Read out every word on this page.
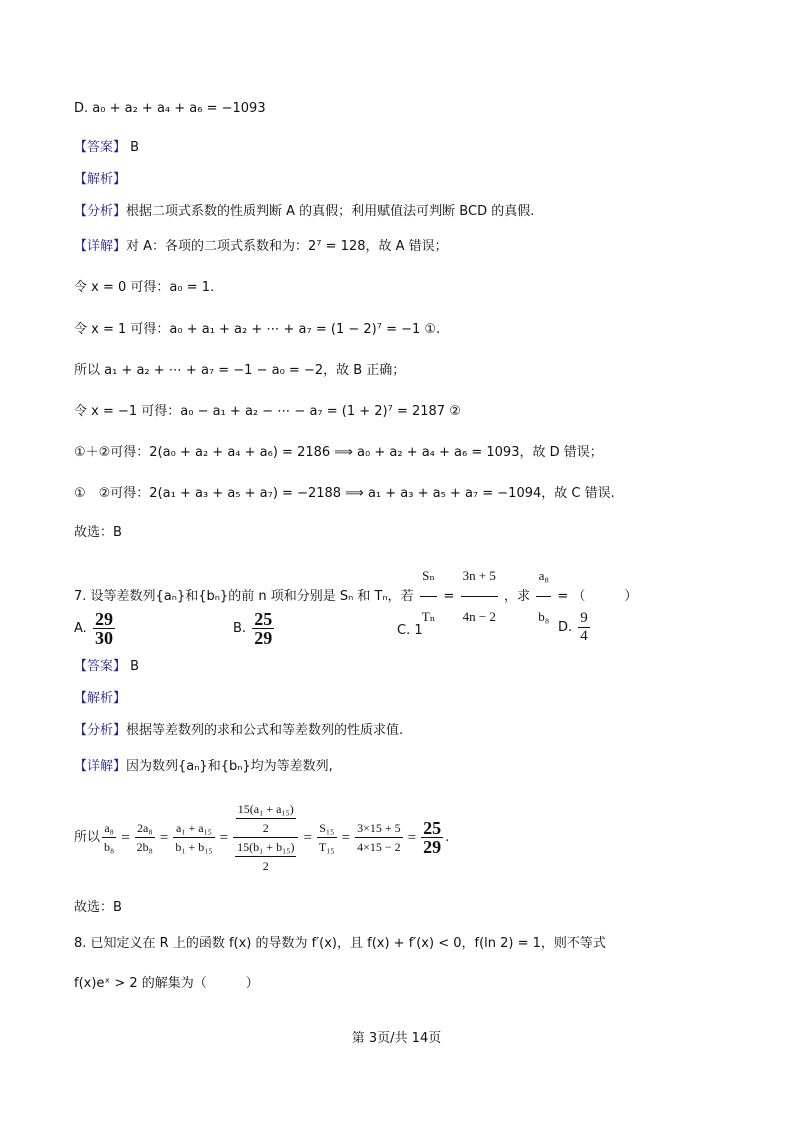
D. a₀ + a₂ + a₄ + a₆ = −1093
【答案】 B
【解析】
【分析】根据二项式系数的性质判断 A 的真假；利用赋值法可判断 BCD 的真假.
【详解】对 A：各项的二项式系数和为：2⁷ = 128，故 A 错误；
令 x = 0 可得：a₀ = 1.
令 x = 1 可得：a₀ + a₁ + a₂ + ⋯ + a₇ = (1 − 2)⁷ = −1 ①.
所以 a₁ + a₂ + ⋯ + a₇ = −1 − a₀ = −2，故 B 正确；
令 x = −1 可得：a₀ − a₁ + a₂ − ⋯ − a₇ = (1 + 2)⁷ = 2187 ②
①＋②可得：2(a₀ + a₂ + a₄ + a₆) = 2186 ⟹ a₀ + a₂ + a₄ + a₆ = 1093，故 D 错误；
①　②可得：2(a₁ + a₃ + a₅ + a₇) = −2188 ⟹ a₁ + a₃ + a₅ + a₇ = −1094，故 C 错误.
故选：B
7. 设等差数列{aₙ}和{bₙ}的前 n 项和分别是 Sₙ 和 Tₙ，若 $\frac{\text{Sₙ}}{\text{Tₙ}} = \frac{3n + 5}{4n - 2}$ ，求 $\frac{\text{a₈}}{\text{b₈}}$ = （　　　）
A. $\frac{29}{30}$	B. $\frac{25}{29}$	C. 1	D. $\frac{9}{4}$
【答案】 B
【解析】
【分析】根据等差数列的求和公式和等差数列的性质求值.
【详解】因为数列{aₙ}和{bₙ}均为等差数列,
所以 $\frac{\text{a₈}}{\text{b₈}} = \frac{\text{2a₈}}{\text{2b₈}} = \frac{\text{a₁ + a₁₅}}{\text{b₁ + b₁₅}} = \frac{\frac{\text{15(a₁ + a₁₅)}}{2}}{\frac{\text{15(b₁ + b₁₅)}}{2}} = \frac{\text{S₁₅}}{\text{T₁₅}} = \frac{3\times 15 + 5}{4\times 15 - 2} = \frac{25}{29}$ .
故选：B
8. 已知定义在 R 上的函数 f(x) 的导数为 f′(x)，且 f(x) + f′(x) < 0，f(ln 2) = 1，则不等式
f(x)eˣ > 2 的解集为（　　　）
第 3页/共 14页
